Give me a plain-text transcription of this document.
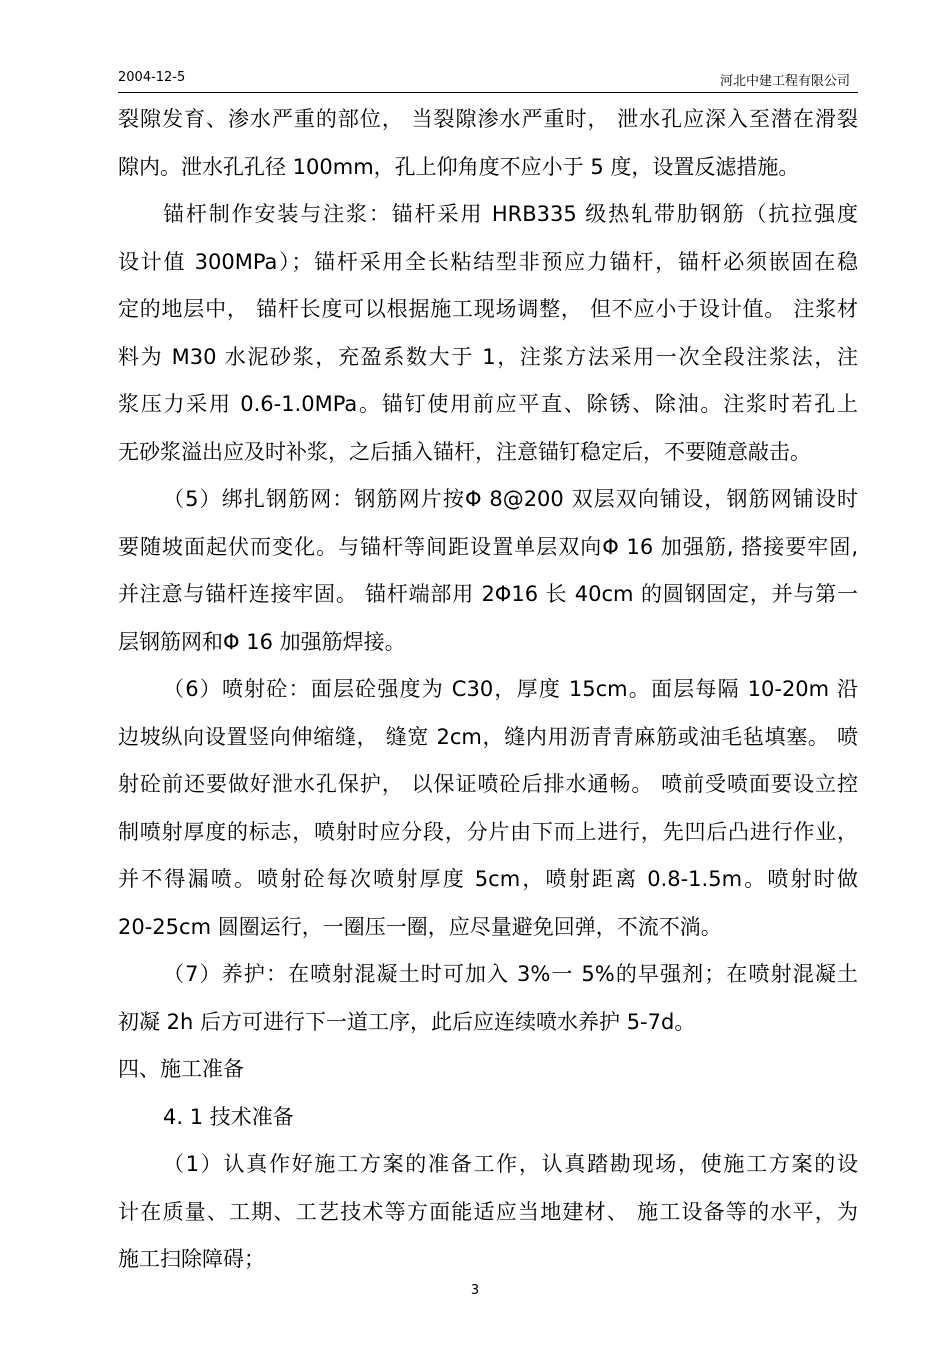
2004-12-5	河北中建工程有限公司
裂隙发育、渗水严重的部位， 当裂隙渗水严重时， 泄水孔应深入至潜在滑裂
隙内。泄水孔孔径 100mm，孔上仰角度不应小于 5 度，设置反滤措施。
锚杆制作安装与注浆：锚杆采用 HRB335 级热轧带肋钢筋（抗拉强度
设计值 300MPa）；锚杆采用全长粘结型非预应力锚杆，锚杆必须嵌固在稳
定的地层中， 锚杆长度可以根据施工现场调整， 但不应小于设计值。 注浆材
料为 M30 水泥砂浆，充盈系数大于 1，注浆方法采用一次全段注浆法，注
浆压力采用 0.6-1.0MPa。锚钉使用前应平直、除锈、除油。注浆时若孔上
无砂浆溢出应及时补浆，之后插入锚杆，注意锚钉稳定后，不要随意敲击。
（5）绑扎钢筋网：钢筋网片按Φ 8@200 双层双向铺设，钢筋网铺设时
要随坡面起伏而变化。与锚杆等间距设置单层双向Φ 16 加强筋, 搭接要牢固,
并注意与锚杆连接牢固。 锚杆端部用 2Φ16 长 40cm 的圆钢固定，并与第一
层钢筋网和Φ 16 加强筋焊接。
（6）喷射砼：面层砼强度为 C30，厚度 15cm。面层每隔 10-20m 沿
边坡纵向设置竖向伸缩缝， 缝宽 2cm，缝内用沥青青麻筋或油毛毡填塞。 喷
射砼前还要做好泄水孔保护， 以保证喷砼后排水通畅。 喷前受喷面要设立控
制喷射厚度的标志，喷射时应分段，分片由下而上进行，先凹后凸进行作业，
并不得漏喷。喷射砼每次喷射厚度 5cm，喷射距离 0.8-1.5m。喷射时做
20-25cm 圆圈运行，一圈压一圈，应尽量避免回弹，不流不淌。
（7）养护：在喷射混凝土时可加入 3%一 5%的早强剂；在喷射混凝土
初凝 2h 后方可进行下一道工序，此后应连续喷水养护 5-7d。
四、施工准备
4. 1 技术准备
（1）认真作好施工方案的准备工作，认真踏勘现场，使施工方案的设
计在质量、工期、工艺技术等方面能适应当地建材、 施工设备等的水平，为
施工扫除障碍；
3
